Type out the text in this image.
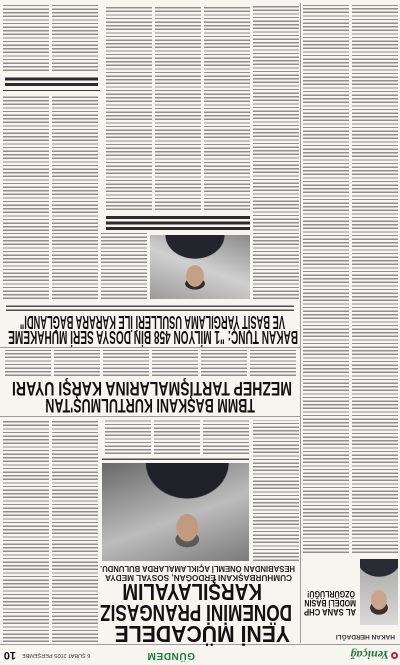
Yeniçağ
GÜNDEM
6 ŞUBAT 2025 PERŞEMBE
10
HAKAN HERDAĞLI
AL SANA CHP
MODELİ BASIN
ÖZGÜRLÜĞÜ!
YENİ MÜCADELE
DÖNEMİNİ PRANGASIZ
KARŞILAYALIM
CUMHURBAŞKANI ERDOĞAN, SOSYAL MEDYA
HESABINDAN ÖNEMLİ AÇIKLAMALARDA BULUNDU.
TBMM BAŞKANI KURTULMUŞ'TAN
MEZHEP TARTIŞMALARINA KARŞI UYARI
BAKAN TUNÇ: "1 MİLYON 458 BİN DOSYA SERİ MUHAKEME
VE BASİT YARGILAMA USULLERİ İLE KARARA BAĞLANDI"
